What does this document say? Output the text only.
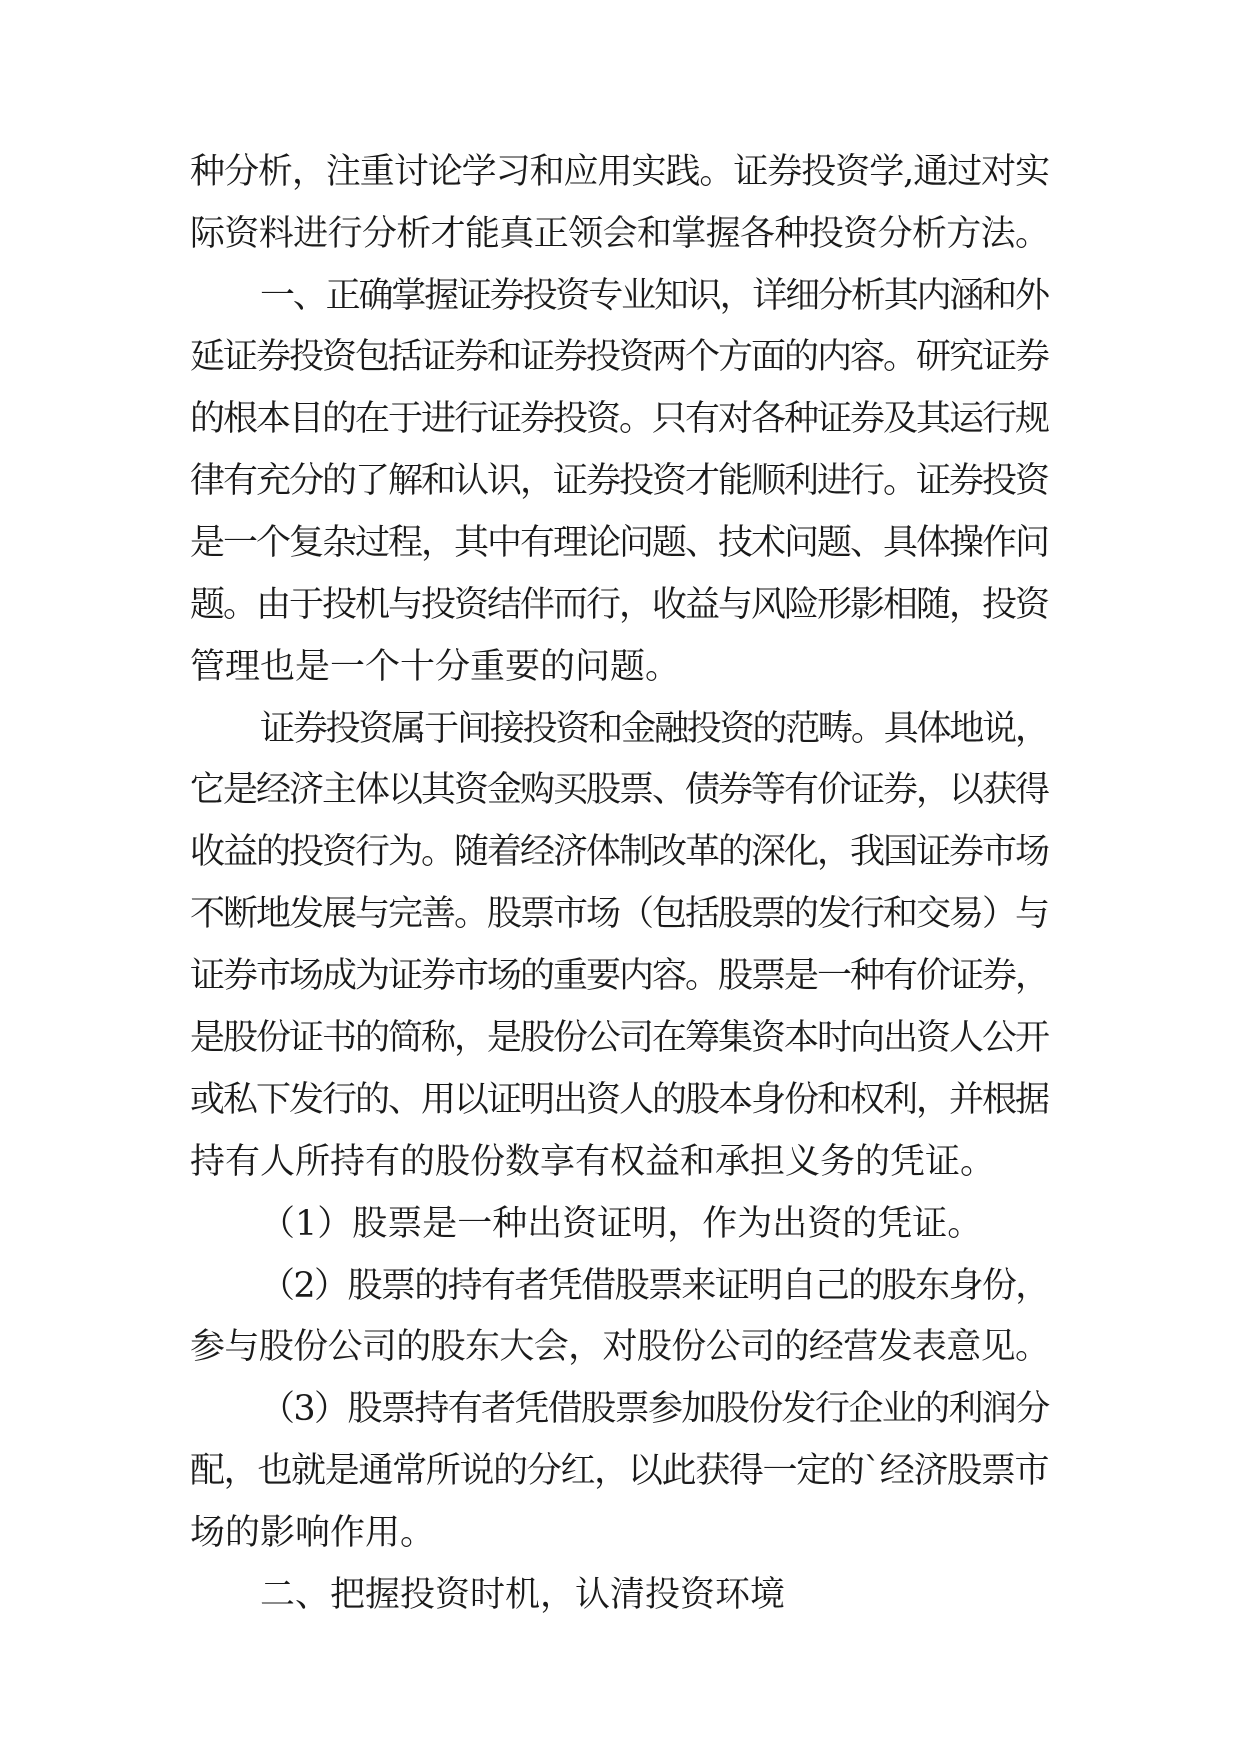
种分析，注重讨论学习和应用实践。证券投资学,通过对实
际资料进行分析才能真正领会和掌握各种投资分析方法。
一、正确掌握证券投资专业知识，详细分析其内涵和外
延证券投资包括证券和证券投资两个方面的内容。研究证券
的根本目的在于进行证券投资。只有对各种证券及其运行规
律有充分的了解和认识，证券投资才能顺利进行。证券投资
是一个复杂过程，其中有理论问题、技术问题、具体操作问
题。由于投机与投资结伴而行，收益与风险形影相随，投资
管理也是一个十分重要的问题。
证券投资属于间接投资和金融投资的范畴。具体地说，
它是经济主体以其资金购买股票、债券等有价证券，以获得
收益的投资行为。随着经济体制改革的深化，我国证券市场
不断地发展与完善。股票市场（包括股票的发行和交易）与
证券市场成为证券市场的重要内容。股票是一种有价证券，
是股份证书的简称，是股份公司在筹集资本时向出资人公开
或私下发行的、用以证明出资人的股本身份和权利，并根据
持有人所持有的股份数享有权益和承担义务的凭证。
（1）股票是一种出资证明，作为出资的凭证。
（2）股票的持有者凭借股票来证明自己的股东身份，
参与股份公司的股东大会，对股份公司的经营发表意见。
（3）股票持有者凭借股票参加股份发行企业的利润分
配，也就是通常所说的分红，以此获得一定的`经济股票市
场的影响作用。
二、把握投资时机，认清投资环境
